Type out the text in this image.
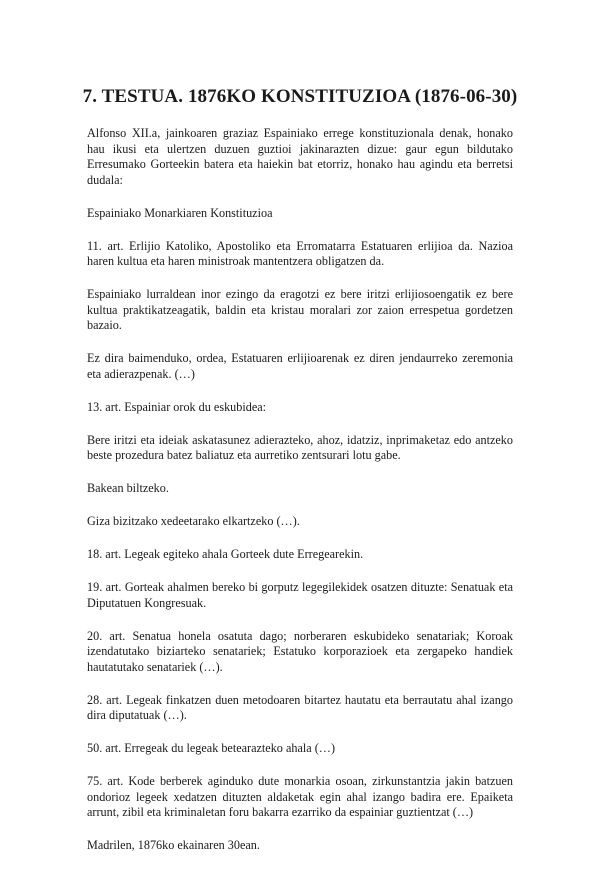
7. TESTUA. 1876KO KONSTITUZIOA (1876-06-30)

Alfonso XII.a, jainkoaren graziaz Espainiako errege konstituzionala denak, honako hau ikusi eta ulertzen duzuen guztioi jakinarazten dizue: gaur egun bildutako Erresumako Gorteekin batera eta haiekin bat etorriz, honako hau agindu eta berretsi dudala:

Espainiako Monarkiaren Konstituzioa

11. art. Erlijio Katoliko, Apostoliko eta Erromatarra Estatuaren erlijioa da. Nazioa haren kultua eta haren ministroak mantentzera obligatzen da.

Espainiako lurraldean inor ezingo da eragotzi ez bere iritzi erlijiosoengatik ez bere kultua praktikatzeagatik, baldin eta kristau moralari zor zaion errespetua gordetzen bazaio.

Ez dira baimenduko, ordea, Estatuaren erlijioarenak ez diren jendaurreko zeremonia eta adierazpenak. (…)

13. art. Espainiar orok du eskubidea:

Bere iritzi eta ideiak askatasunez adierazteko, ahoz, idatziz, inprimaketaz edo antzeko beste prozedura batez baliatuz eta aurretiko zentsurari lotu gabe.

Bakean biltzeko.

Giza bizitzako xedeetarako elkartzeko (…).

18. art. Legeak egiteko ahala Gorteek dute Erregearekin.

19. art. Gorteak ahalmen bereko bi gorputz legegilekidek osatzen dituzte: Senatuak eta Diputatuen Kongresuak.

20. art. Senatua honela osatuta dago; norberaren eskubideko senatariak; Koroak izendatutako biziarteko senatariek; Estatuko korporazioek eta zergapeko handiek hautatutako senatariek (…).

28. art. Legeak finkatzen duen metodoaren bitartez hautatu eta berrautatu ahal izango dira diputatuak (…).

50. art. Erregeak du legeak betearazteko ahala (…)

75. art. Kode berberek aginduko dute monarkia osoan, zirkunstantzia jakin batzuen ondorioz legeek xedatzen dituzten aldaketak egin ahal izango badira ere. Epaiketa arrunt, zibil eta kriminaletan foru bakarra ezarriko da espainiar guztientzat (…)

Madrilen, 1876ko ekainaren 30ean.
